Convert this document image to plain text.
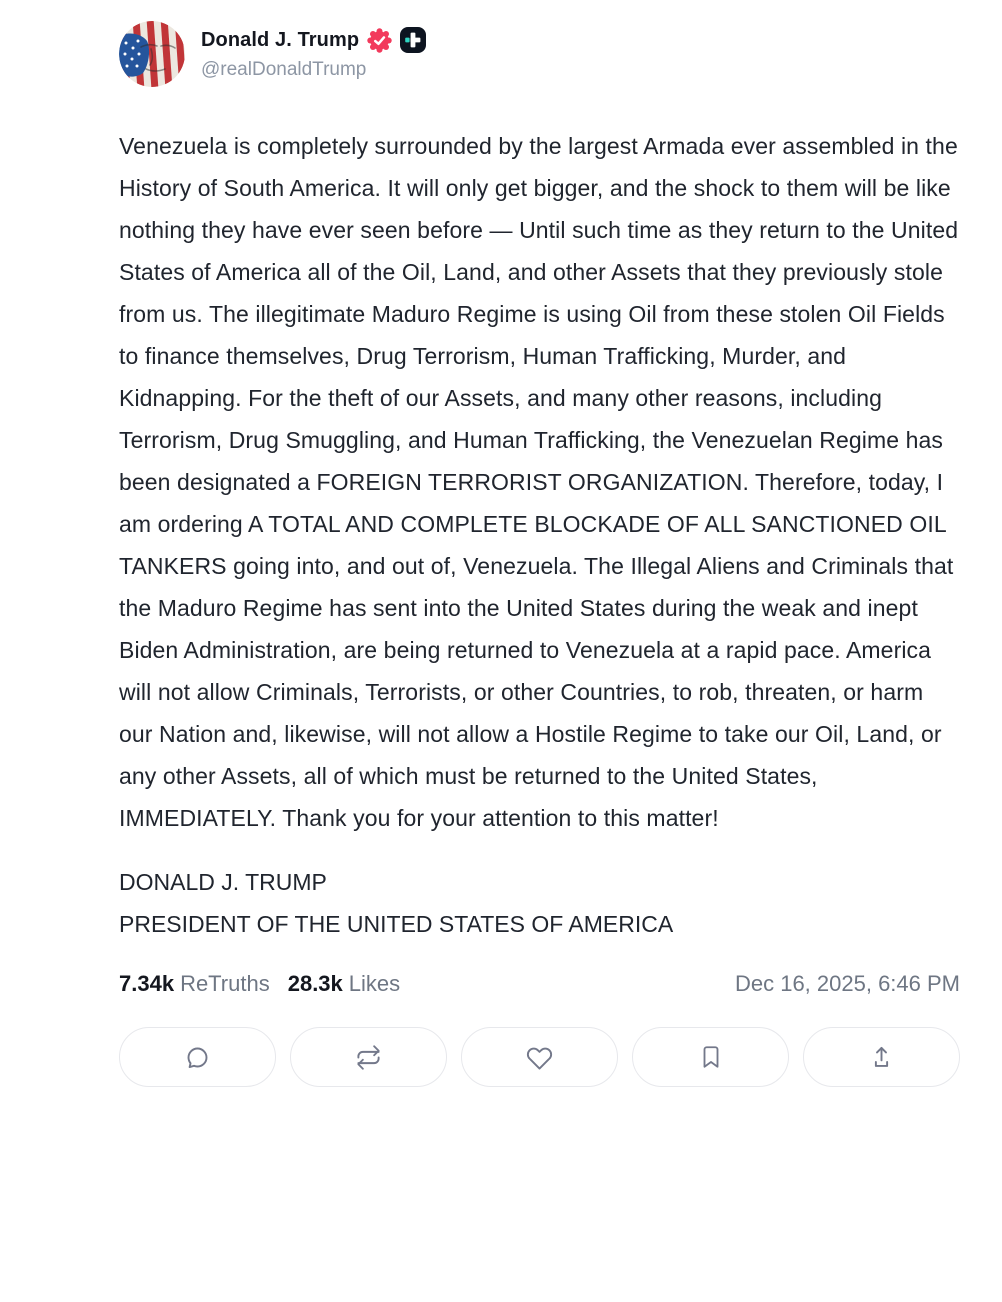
Donald J. Trump
@realDonaldTrump
Venezuela is completely surrounded by the largest Armada ever assembled in the History of South America. It will only get bigger, and the shock to them will be like nothing they have ever seen before — Until such time as they return to the United States of America all of the Oil, Land, and other Assets that they previously stole from us. The illegitimate Maduro Regime is using Oil from these stolen Oil Fields to finance themselves, Drug Terrorism, Human Trafficking, Murder, and Kidnapping. For the theft of our Assets, and many other reasons, including Terrorism, Drug Smuggling, and Human Trafficking, the Venezuelan Regime has been designated a FOREIGN TERRORIST ORGANIZATION. Therefore, today, I am ordering A TOTAL AND COMPLETE BLOCKADE OF ALL SANCTIONED OIL TANKERS going into, and out of, Venezuela. The Illegal Aliens and Criminals that the Maduro Regime has sent into the United States during the weak and inept Biden Administration, are being returned to Venezuela at a rapid pace. America will not allow Criminals, Terrorists, or other Countries, to rob, threaten, or harm our Nation and, likewise, will not allow a Hostile Regime to take our Oil, Land, or any other Assets, all of which must be returned to the United States, IMMEDIATELY. Thank you for your attention to this matter!
DONALD J. TRUMP
PRESIDENT OF THE UNITED STATES OF AMERICA
7.34k ReTruths 28.3k Likes	Dec 16, 2025, 6:46 PM
